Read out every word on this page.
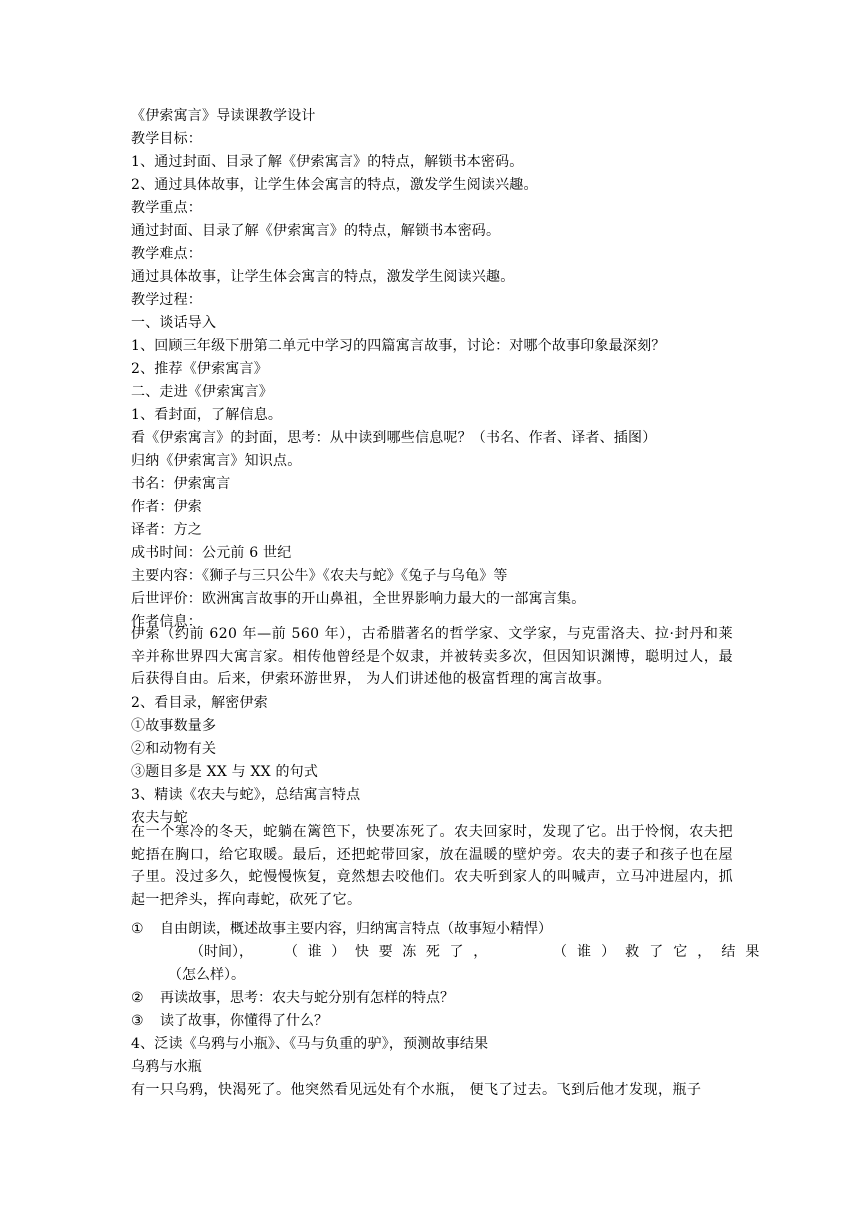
《伊索寓言》导读课教学设计
教学目标：
1、通过封面、目录了解《伊索寓言》的特点，解锁书本密码。
2、通过具体故事，让学生体会寓言的特点，激发学生阅读兴趣。
教学重点：
通过封面、目录了解《伊索寓言》的特点，解锁书本密码。
教学难点：
通过具体故事，让学生体会寓言的特点，激发学生阅读兴趣。
教学过程：
一、谈话导入
1、回顾三年级下册第二单元中学习的四篇寓言故事，讨论：对哪个故事印象最深刻？
2、推荐《伊索寓言》
二、走进《伊索寓言》
1、看封面，了解信息。
看《伊索寓言》的封面，思考：从中读到哪些信息呢？（书名、作者、译者、插图）
归纳《伊索寓言》知识点。
书名：伊索寓言
作者：伊索
译者：方之
成书时间：公元前 6 世纪
主要内容：《狮子与三只公牛》《农夫与蛇》《兔子与乌龟》等
后世评价：欧洲寓言故事的开山鼻祖，全世界影响力最大的一部寓言集。
作者信息：
伊索（约前 620 年—前 560 年），古希腊著名的哲学家、文学家，与克雷洛夫、拉·封丹和莱辛并称世界四大寓言家。相传他曾经是个奴隶，并被转卖多次，但因知识渊博，聪明过人，最后获得自由。后来，伊索环游世界， 为人们讲述他的极富哲理的寓言故事。
2、看目录，解密伊索
①故事数量多
②和动物有关
③题目多是 XX 与 XX 的句式
3、精读《农夫与蛇》，总结寓言特点
农夫与蛇
在一个寒冷的冬天，蛇躺在篱笆下，快要冻死了。农夫回家时，发现了它。出于怜悯，农夫把蛇捂在胸口，给它取暖。最后，还把蛇带回家，放在温暖的壁炉旁。农夫的妻子和孩子也在屋子里。没过多久，蛇慢慢恢复，竟然想去咬他们。农夫听到家人的叫喊声，立马冲进屋内，抓起一把斧头，挥向毒蛇，砍死了它。
① 自由朗读，概述故事主要内容，归纳寓言特点（故事短小精悍）
（时间）， （ 谁 ） 快 要 冻 死 了 ，	（ 谁 ） 救 了 它 ， 结 果
（怎么样）。
② 再读故事，思考：农夫与蛇分别有怎样的特点？
③ 读了故事，你懂得了什么？
4、泛读《乌鸦与小瓶》、《马与负重的驴》，预测故事结果
乌鸦与水瓶
有一只乌鸦，快渴死了。他突然看见远处有个水瓶， 便飞了过去。飞到后他才发现，瓶子
